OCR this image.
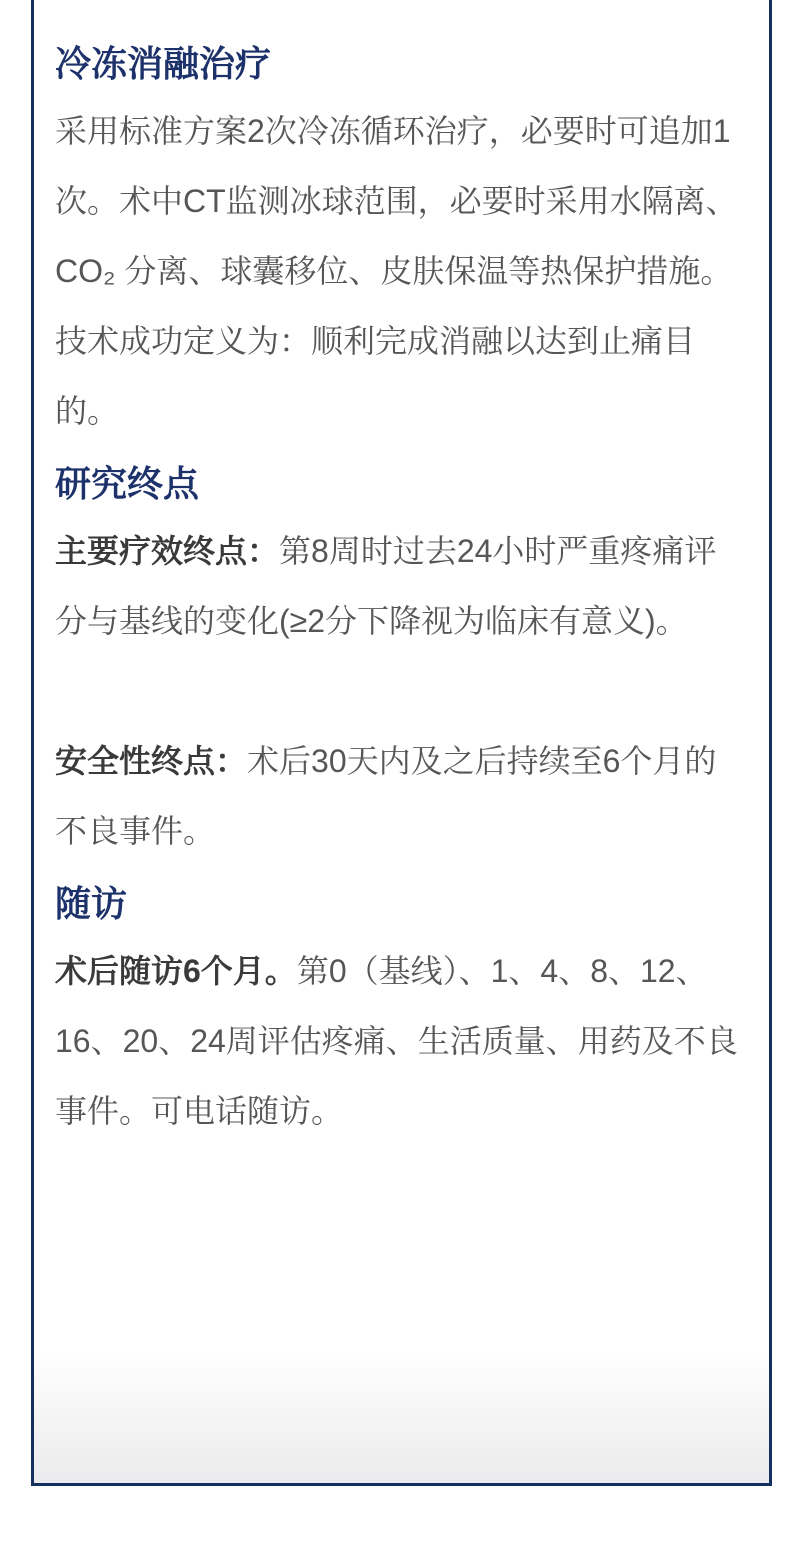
冷冻消融治疗

采用标准方案2次冷冻循环治疗，必要时可追加1次。术中CT监测冰球范围，必要时采用水隔离、CO₂ 分离、球囊移位、皮肤保温等热保护措施。技术成功定义为：顺利完成消融以达到止痛目的。

研究终点

主要疗效终点：第8周时过去24小时严重疼痛评分与基线的变化(≥2分下降视为临床有意义)。

安全性终点：术后30天内及之后持续至6个月的不良事件。

随访

术后随访6个月。第0（基线）、1、4、8、12、16、20、24周评估疼痛、生活质量、用药及不良事件。可电话随访。
